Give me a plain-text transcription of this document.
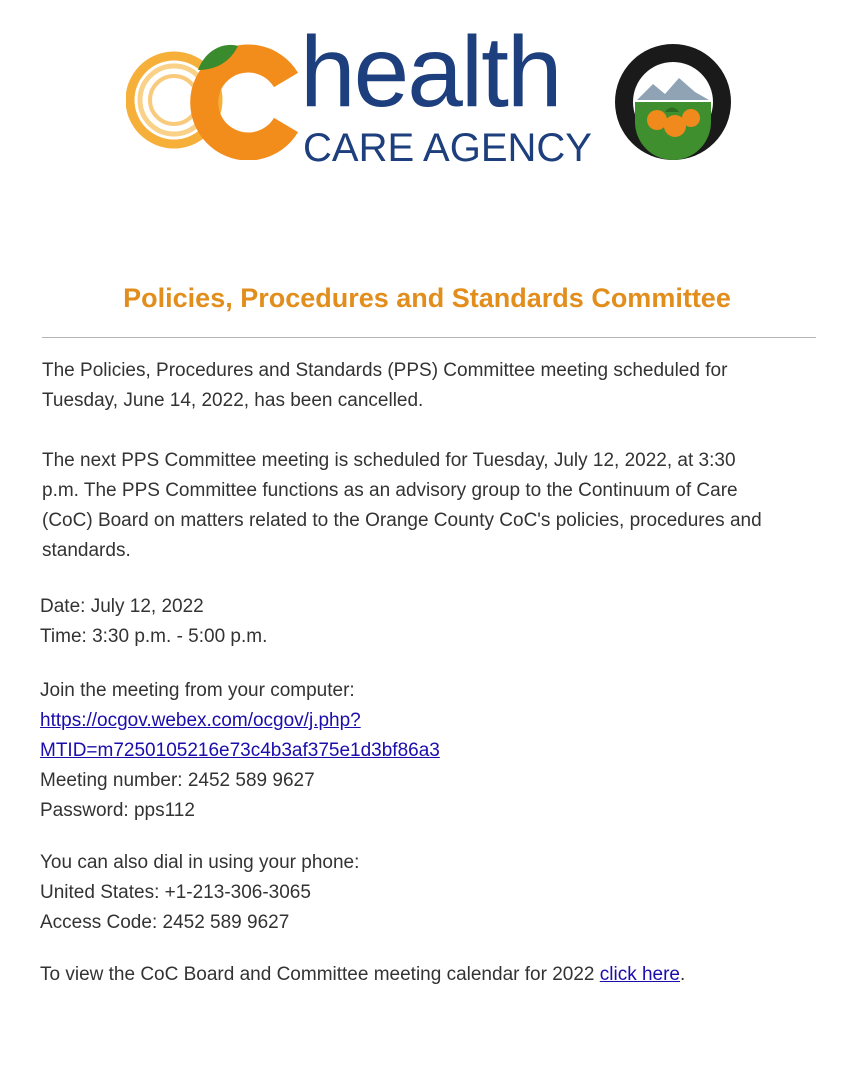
health
CARE AGENCY
Policies, Procedures and Standards Committee
The Policies, Procedures and Standards (PPS) Committee meeting scheduled for
Tuesday, June 14, 2022, has been cancelled.
The next PPS Committee meeting is scheduled for Tuesday, July 12, 2022, at 3:30
p.m. The PPS Committee functions as an advisory group to the Continuum of Care
(CoC) Board on matters related to the Orange County CoC's policies, procedures and
standards.
Date: July 12, 2022
Time: 3:30 p.m. - 5:00 p.m.
Join the meeting from your computer:
https://ocgov.webex.com/ocgov/j.php?
MTID=m7250105216e73c4b3af375e1d3bf86a3
Meeting number: 2452 589 9627
Password: pps112
You can also dial in using your phone:
United States: +1-213-306-3065
Access Code: 2452 589 9627
To view the CoC Board and Committee meeting calendar for 2022 click here.
